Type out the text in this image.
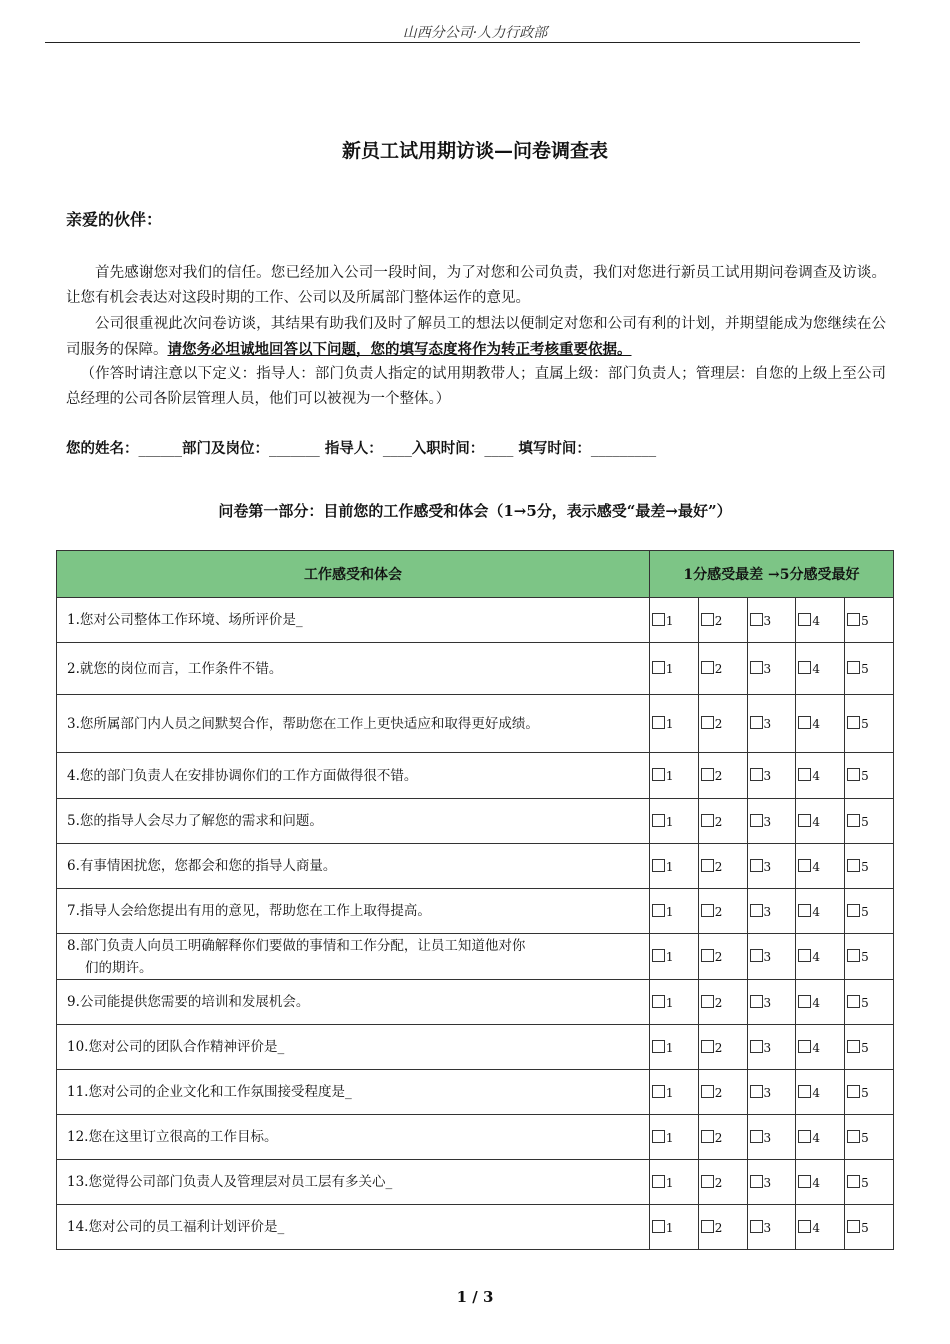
山西分公司·人力行政部
新员工试用期访谈—问卷调查表
亲爱的伙伴：
首先感谢您对我们的信任。您已经加入公司一段时间，为了对您和公司负责，我们对您进行新员工试用期问卷调查及访谈。让您有机会表达对这段时期的工作、公司以及所属部门整体运作的意见。
公司很重视此次问卷访谈，其结果有助我们及时了解员工的想法以便制定对您和公司有利的计划，并期望能成为您继续在公司服务的保障。请您务必坦诚地回答以下问题，您的填写态度将作为转正考核重要依据。
（作答时请注意以下定义：指导人：部门负责人指定的试用期教带人；直属上级：部门负责人；管理层：自您的上级上至公司总经理的公司各阶层管理人员，他们可以被视为一个整体。）
您的姓名：______部门及岗位：_______ 指导人：____入职时间：____ 填写时间：_________
问卷第一部分：目前您的工作感受和体会（1→5分，表示感受“最差→最好”）
工作感受和体会	1分感受最差 →5分感受最好				
1.您对公司整体工作环境、场所评价是_	1	2	3	4	5
2.就您的岗位而言，工作条件不错。	1	2	3	4	5
3.您所属部门内人员之间默契合作，帮助您在工作上更快适应和取得更好成绩。	1	2	3	4	5
4.您的部门负责人在安排协调你们的工作方面做得很不错。	1	2	3	4	5
5.您的指导人会尽力了解您的需求和问题。	1	2	3	4	5
6.有事情困扰您，您都会和您的指导人商量。	1	2	3	4	5
7.指导人会给您提出有用的意见，帮助您在工作上取得提高。	1	2	3	4	5
8.部门负责人向员工明确解释你们要做的事情和工作分配，让员工知道他对你
们的期许。	1	2	3	4	5
9.公司能提供您需要的培训和发展机会。	1	2	3	4	5
10.您对公司的团队合作精神评价是_	1	2	3	4	5
11.您对公司的企业文化和工作氛围接受程度是_	1	2	3	4	5
12.您在这里订立很高的工作目标。	1	2	3	4	5
13.您觉得公司部门负责人及管理层对员工层有多关心_	1	2	3	4	5
14.您对公司的员工福利计划评价是_	1	2	3	4	5
1 / 3
